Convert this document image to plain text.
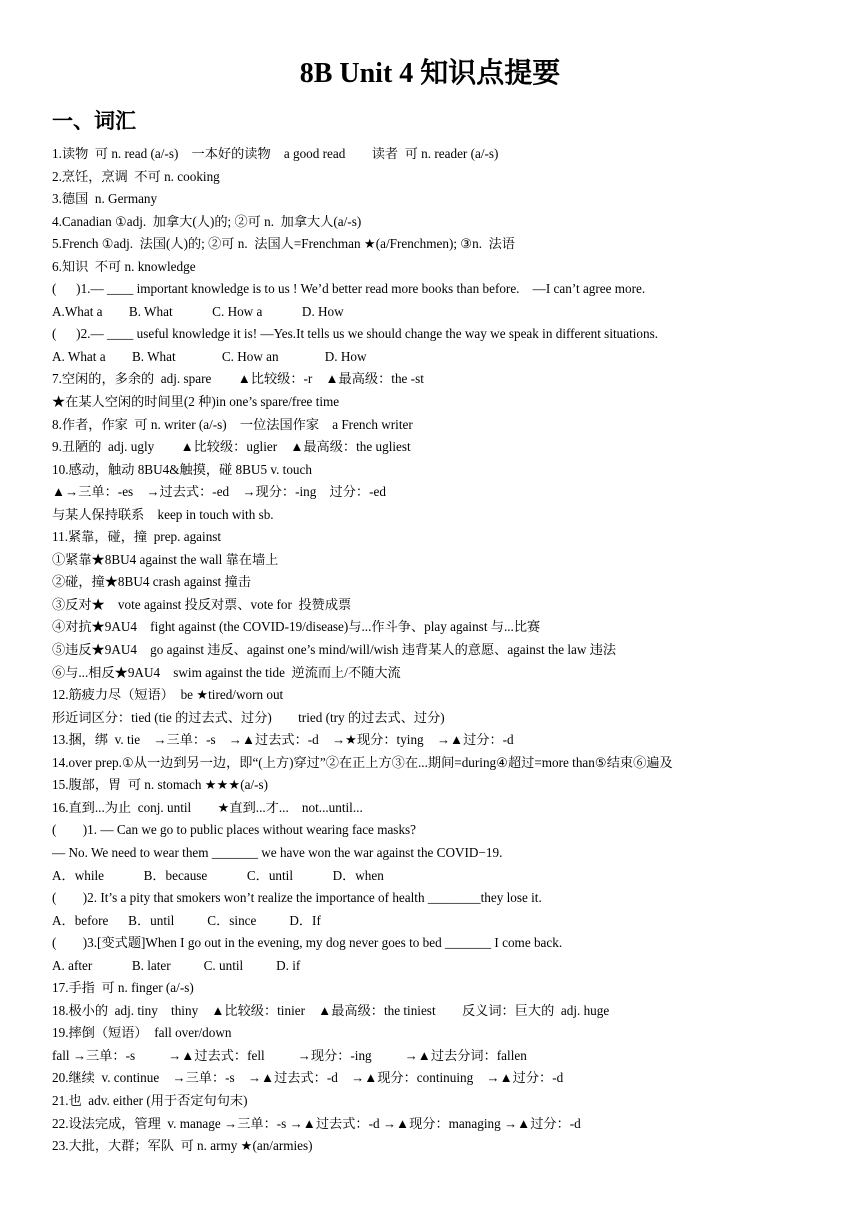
8B Unit 4 知识点提要
一、词汇
1.读物  可 n. read (a/-s)    一本好的读物    a good read        读者  可 n. reader (a/-s)
2.烹饪，烹调  不可 n. cooking
3.德国  n. Germany
4.Canadian ①adj.  加拿大(人)的; ②可 n.  加拿大人(a/-s)
5.French ①adj.  法国(人)的; ②可 n.  法国人=Frenchman ★(a/Frenchmen); ③n.  法语
6.知识  不可 n. knowledge
(      )1.— ____ important knowledge is to us ! We’d better read more books than before.    —I can’t agree more.
A.What a        B. What            C. How a            D. How
(      )2.— ____ useful knowledge it is! —Yes.It tells us we should change the way we speak in different situations.
A. What a        B. What              C. How an              D. How
7.空闲的，多余的  adj. spare        ▲比较级：-r    ▲最高级：the -st
★在某人空闲的时间里(2 种)in one’s spare/free time
8.作者，作家  可 n. writer (a/-s)    一位法国作家    a French writer
9.丑陋的  adj. ugly        ▲比较级：uglier    ▲最高级：the ugliest
10.感动，触动 8BU4&触摸，碰 8BU5 v. touch
▲→三单：-es    →过去式：-ed    →现分：-ing    过分：-ed
与某人保持联系    keep in touch with sb.
11.紧靠，碰，撞  prep. against
①紧靠★8BU4 against the wall 靠在墙上
②碰，撞★8BU4 crash against 撞击
③反对★    vote against 投反对票、vote for  投赞成票
④对抗★9AU4    fight against (the COVID-19/disease)与...作斗争、play against 与...比赛
⑤违反★9AU4    go against 违反、against one’s mind/will/wish 违背某人的意愿、against the law 违法
⑥与...相反★9AU4    swim against the tide  逆流而上/不随大流
12.筋疲力尽（短语）  be ★tired/worn out
形近词区分：tied (tie 的过去式、过分)        tried (try 的过去式、过分)
13.捆，绑  v. tie    →三单：-s    →▲过去式：-d    →★现分：tying    →▲过分：-d
14.over prep.①从一边到另一边，即“(上方)穿过”②在正上方③在...期间=during④超过=more than⑤结束⑥遍及
15.腹部，胃  可 n. stomach ★★★(a/-s)
16.直到...为止  conj. until        ★直到...才...    not...until...
(        )1. — Can we go to public places without wearing face masks?
— No. We need to wear them _______ we have won the war against the COVID−19.
A．while            B．because            C．until            D．when
(        )2. It’s a pity that smokers won’t realize the importance of health ________they lose it.
A．before      B．until          C．since          D．If
(        )3.[变式题]When I go out in the evening, my dog never goes to bed _______ I come back.
A. after            B. later          C. until          D. if
17.手指  可 n. finger (a/-s)
18.极小的  adj. tiny    thiny    ▲比较级：tinier    ▲最高级：the tiniest        反义词：巨大的  adj. huge
19.摔倒（短语）  fall over/down
fall →三单：-s          →▲过去式：fell          →现分：-ing          →▲过去分词：fallen
20.继续  v. continue    →三单：-s    →▲过去式：-d    →▲现分：continuing    →▲过分：-d
21.也  adv. either (用于否定句句末)
22.设法完成，管理  v. manage →三单：-s →▲过去式：-d →▲现分：managing →▲过分：-d
23.大批，大群；军队  可 n. army ★(an/armies)
